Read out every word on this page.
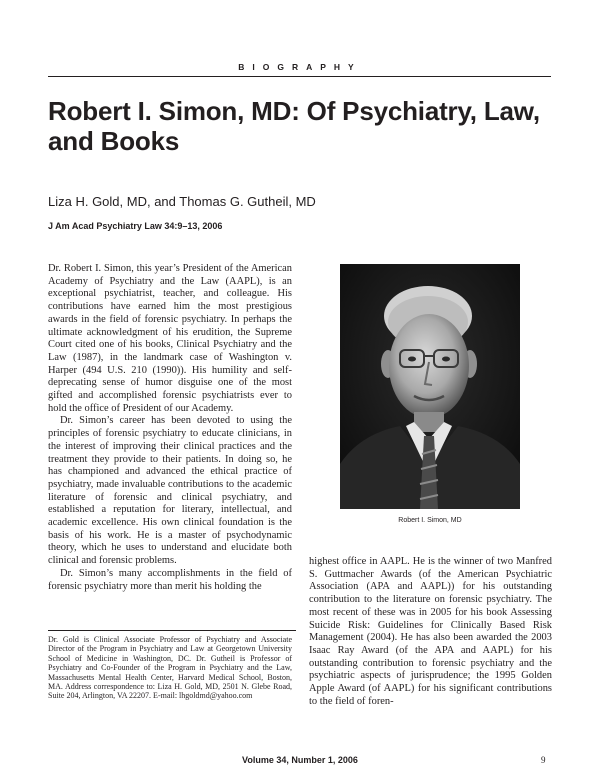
BIOGRAPHY
Robert I. Simon, MD: Of Psychiatry, Law, and Books
Liza H. Gold, MD, and Thomas G. Gutheil, MD
J Am Acad Psychiatry Law 34:9–13, 2006

Dr. Robert I. Simon, this year’s President of the American Academy of Psychiatry and the Law (AAPL), is an exceptional psychiatrist, teacher, and colleague. His contributions have earned him the most prestigious awards in the field of forensic psychiatry. In perhaps the ultimate acknowledgment of his erudition, the Supreme Court cited one of his books, Clinical Psychiatry and the Law (1987), in the landmark case of Washington v. Harper (494 U.S. 210 (1990)). His humility and self-deprecating sense of humor disguise one of the most gifted and accomplished forensic psychiatrists ever to hold the office of President of our Academy.

Dr. Simon’s career has been devoted to using the principles of forensic psychiatry to educate clinicians, in the interest of improving their clinical practices and the treatment they provide to their patients. In doing so, he has championed and advanced the ethical practice of psychiatry, made invaluable contributions to the academic literature of forensic and clinical psychiatry, and established a reputation for literary, intellectual, and academic excellence. His own clinical foundation is the basis of his work. He is a master of psychodynamic theory, which he uses to understand and elucidate both clinical and forensic problems.

Dr. Simon’s many accomplishments in the field of forensic psychiatry more than merit his holding the

Robert I. Simon, MD

highest office in AAPL. He is the winner of two Manfred S. Guttmacher Awards (of the American Psychiatric Association (APA and AAPL)) for his outstanding contribution to the literature on forensic psychiatry. The most recent of these was in 2005 for his book Assessing Suicide Risk: Guidelines for Clinically Based Risk Management (2004). He has also been awarded the 2003 Isaac Ray Award (of the APA and AAPL) for his outstanding contribution to forensic psychiatry and the psychiatric aspects of jurisprudence; the 1995 Golden Apple Award (of AAPL) for his significant contributions to the field of foren-

Dr. Gold is Clinical Associate Professor of Psychiatry and Associate Director of the Program in Psychiatry and Law at Georgetown University School of Medicine in Washington, DC. Dr. Gutheil is Professor of Psychiatry and Co-Founder of the Program in Psychiatry and the Law, Massachusetts Mental Health Center, Harvard Medical School, Boston, MA. Address correspondence to: Liza H. Gold, MD, 2501 N. Glebe Road, Suite 204, Arlington, VA 22207. E-mail: lhgoldmd@yahoo.com
Volume 34, Number 1, 2006	9
